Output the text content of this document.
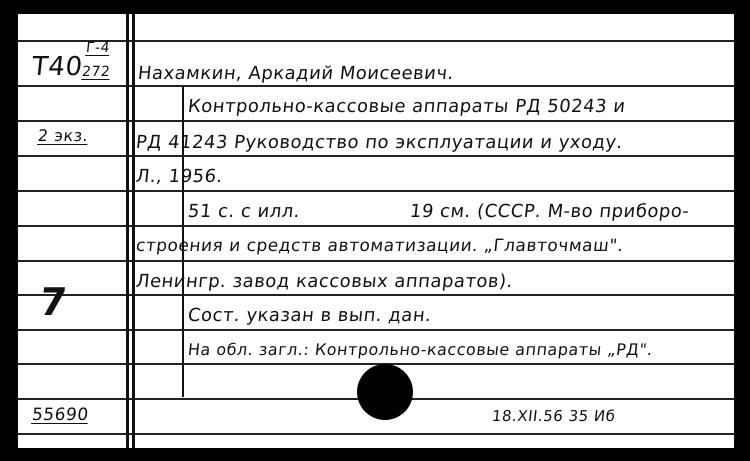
Т40
Г-4
272
2 экз.
7
55690
Нахамкин, Аркадий Моисеевич.
Контрольно-кассовые аппараты РД 50243 и
РД 41243 Руководство по эксплуатации и уходу.
Л., 1956.
51 с. с илл.	19 см. (СССР. М-во приборо-
строения и средств автоматизации. „Главточмаш".
Ленингр. завод кассовых аппаратов).
Сост. указан в вып. дан.
На обл. загл.: Контрольно-кассовые аппараты „РД".
18.XII.56 35 Иб
